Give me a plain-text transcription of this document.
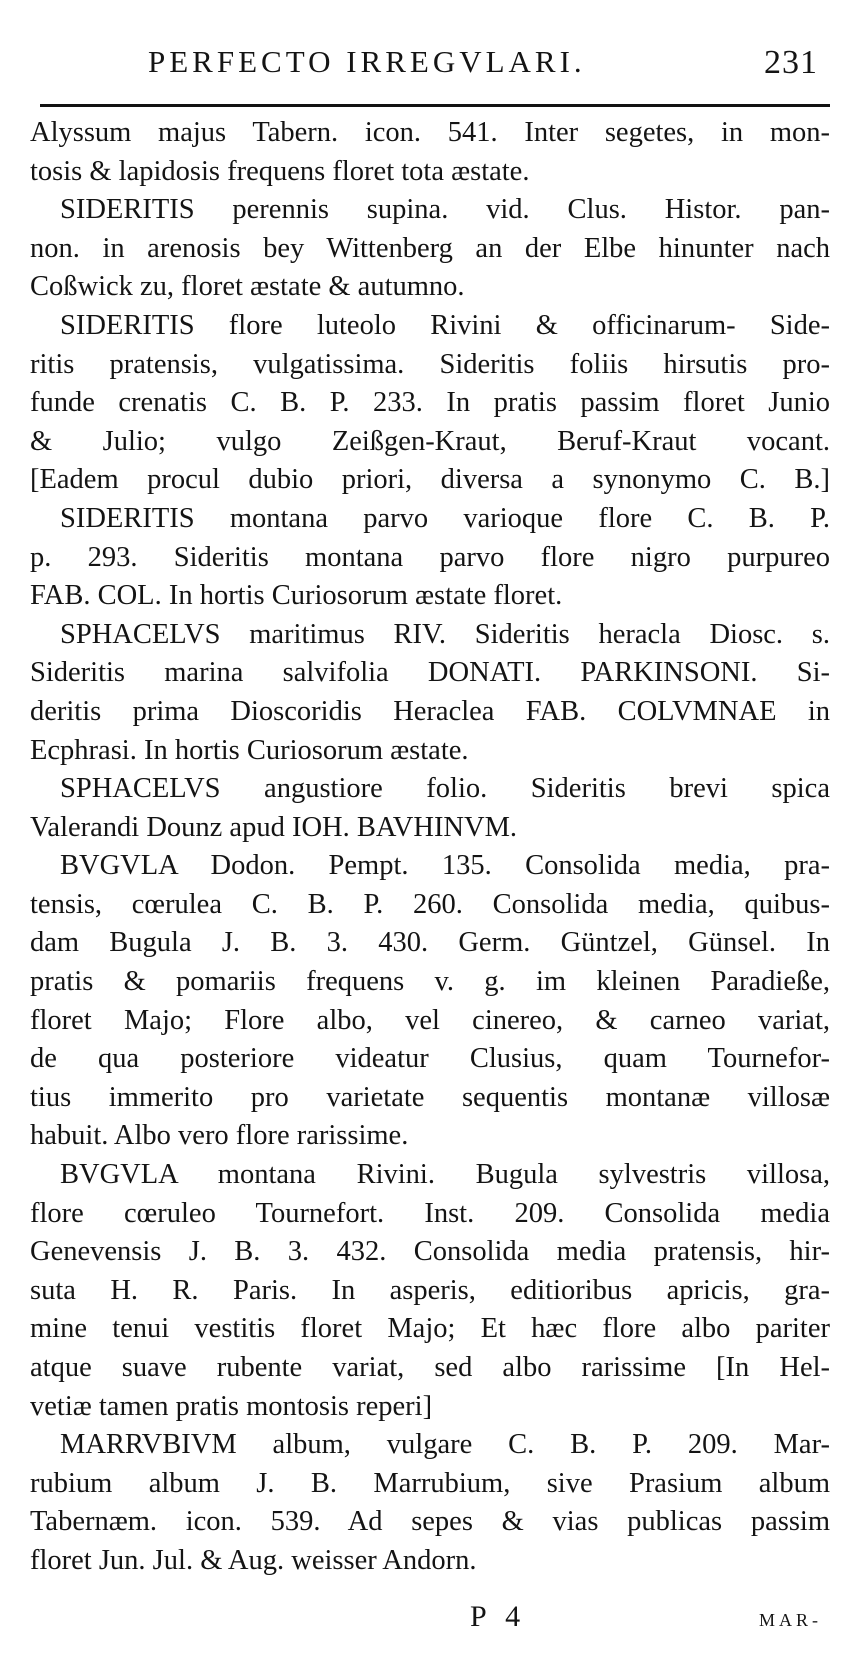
PERFECTO IRREGVLARI.	231
Alyssum majus Tabern. icon. 541. Inter segetes, in mon-
tosis & lapidosis frequens floret tota æstate.
SIDERITIS perennis supina. vid. Clus. Histor. pan-
non. in arenosis bey Wittenberg an der Elbe hinunter nach
Coßwick zu, floret æstate & autumno.
SIDERITIS flore luteolo Rivini & officinarum- Side-
ritis pratensis, vulgatissima. Sideritis foliis hirsutis pro-
funde crenatis C. B. P. 233. In pratis passim floret Junio
& Julio; vulgo Zeißgen-Kraut, Beruf-Kraut vocant.
[Eadem procul dubio priori, diversa a synonymo C. B.]
SIDERITIS montana parvo varioque flore C. B. P.
p. 293. Sideritis montana parvo flore nigro purpureo
FAB. COL. In hortis Curiosorum æstate floret.
SPHACELVS maritimus RIV. Sideritis heracla Diosc. s.
Sideritis marina salvifolia DONATI. PARKINSONI. Si-
deritis prima Dioscoridis Heraclea FAB. COLVMNAE in
Ecphrasi. In hortis Curiosorum æstate.
SPHACELVS angustiore folio. Sideritis brevi spica
Valerandi Dounz apud IOH. BAVHINVM.
BVGVLA Dodon. Pempt. 135. Consolida media, pra-
tensis, cœrulea C. B. P. 260. Consolida media, quibus-
dam Bugula J. B. 3. 430. Germ. Güntzel, Günsel. In
pratis & pomariis frequens v. g. im kleinen Paradieße,
floret Majo; Flore albo, vel cinereo, & carneo variat,
de qua posteriore videatur Clusius, quam Tournefor-
tius immerito pro varietate sequentis montanæ villosæ
habuit. Albo vero flore rarissime.
BVGVLA montana Rivini. Bugula sylvestris villosa,
flore cœruleo Tournefort. Inst. 209. Consolida media
Genevensis J. B. 3. 432. Consolida media pratensis, hir-
suta H. R. Paris. In asperis, editioribus apricis, gra-
mine tenui vestitis floret Majo; Et hæc flore albo pariter
atque suave rubente variat, sed albo rarissime [In Hel-
vetiæ tamen pratis montosis reperi]
MARRVBIVM album, vulgare C. B. P. 209. Mar-
rubium album J. B. Marrubium, sive Prasium album
Tabernæm. icon. 539. Ad sepes & vias publicas passim
floret Jun. Jul. & Aug. weisser Andorn.
P 4	MAR-
